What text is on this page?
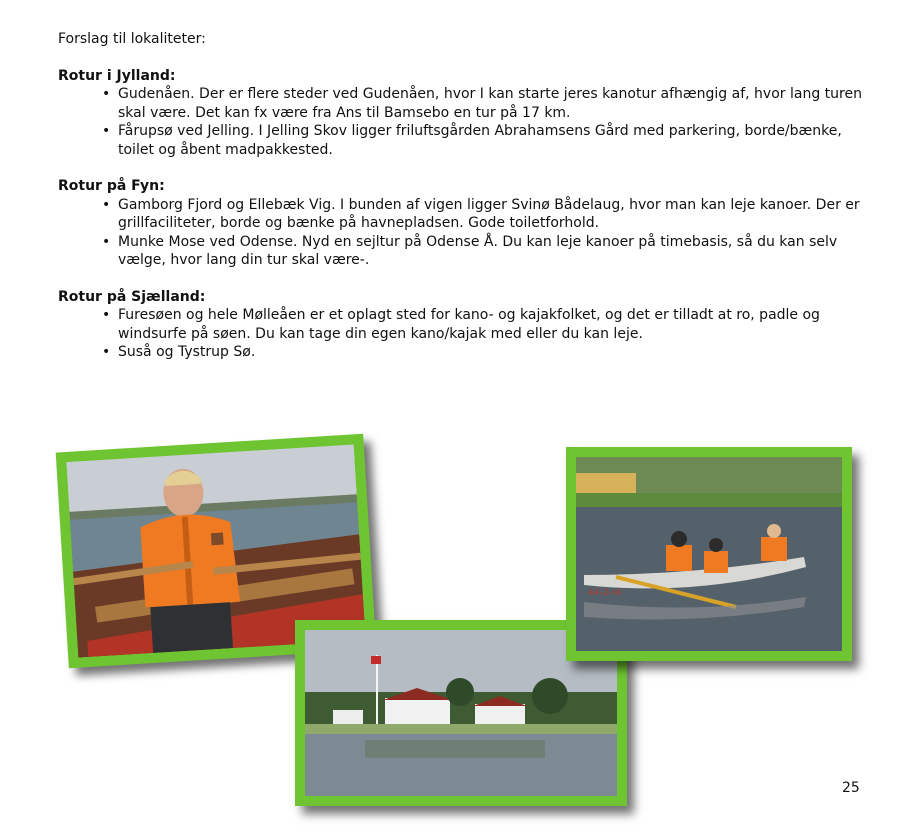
Forslag til lokaliteter:

Rotur i Jylland:
• Gudenåen. Der er flere steder ved Gudenåen, hvor I kan starte jeres kanotur afhængig af, hvor lang turen skal være. Det kan fx være fra Ans til Bamsebo en tur på 17 km.
• Fårupsø ved Jelling. I Jelling Skov ligger friluftsgården Abrahamsens Gård med parkering, borde/bænke, toilet og åbent madpakkested.
Rotur på Fyn:
• Gamborg Fjord og Ellebæk Vig. I bunden af vigen ligger Svinø Bådelaug, hvor man kan leje kanoer. Der er grillfaciliteter, borde og bænke på havnepladsen. Gode toiletforhold.
• Munke Mose ved Odense. Nyd en sejltur på Odense Å. Du kan leje kanoer på timebasis, så du kan selv vælge, hvor lang din tur skal være-.
Rotur på Sjælland:
• Furesøen og hele Mølleåen er et oplagt sted for kano- og kajakfolket, og det er tilladt at ro, padle og windsurfe på søen. Du kan tage din egen kano/kajak med eller du kan leje.
• Suså og Tystrup Sø.
44-2-r4
25
